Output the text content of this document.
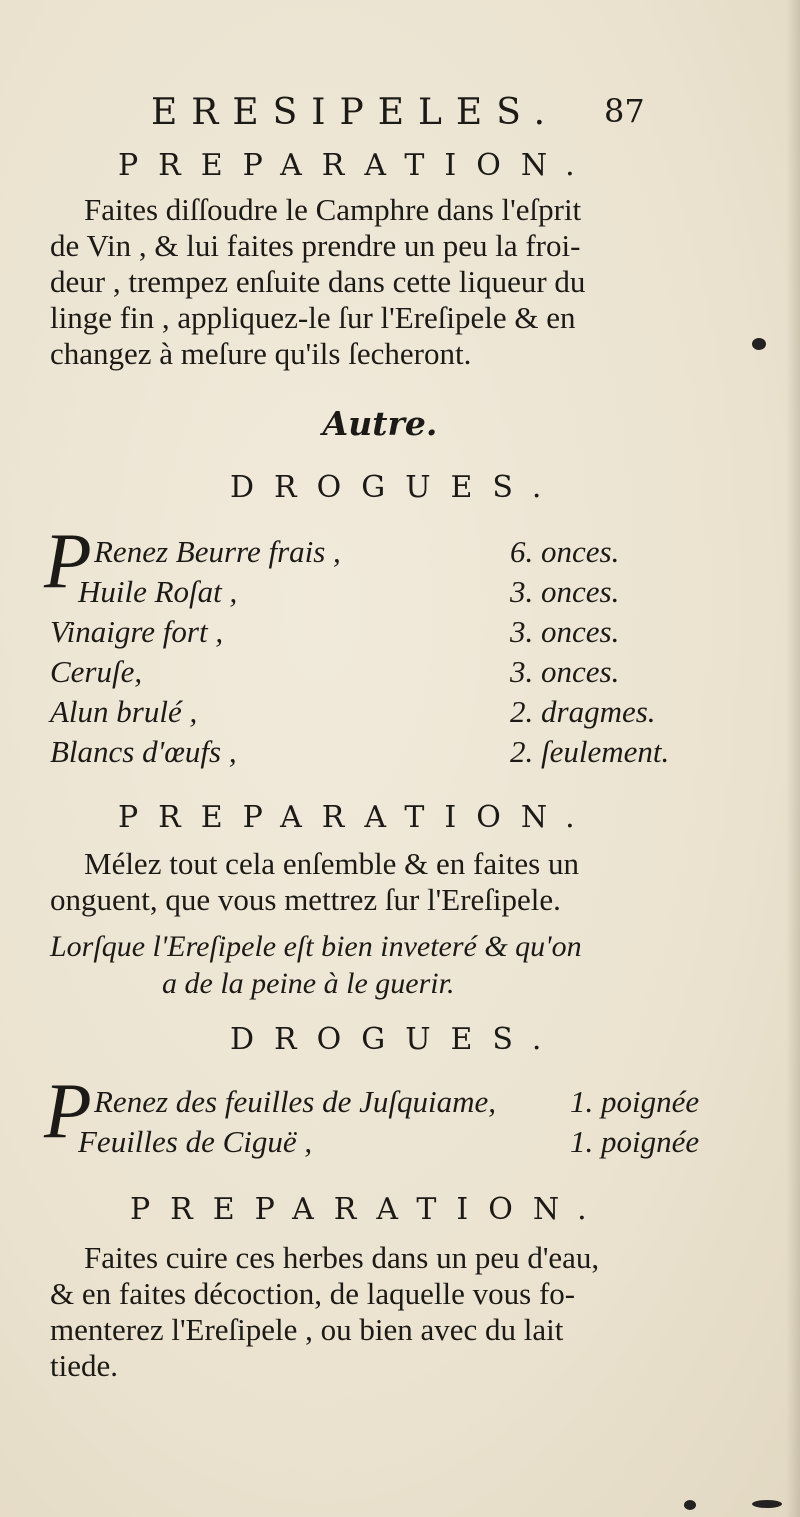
ERESIPELES. 87
PREPARATION.
Faites diſſoudre le Camphre dans l'eſprit
de Vin , & lui faites prendre un peu la froi-
deur , trempez enſuite dans cette liqueur du
linge fin , appliquez-le ſur l'Ereſipele & en
changez à meſure qu'ils ſecheront.
Autre.
DROGUES.
P Renez Beurre frais ,	6. onces.
Huile Roſat ,	3. onces.
Vinaigre fort ,	3. onces.
Ceruſe,	3. onces.
Alun brulé ,	2. dragmes.
Blancs d'œufs ,	2. ſeulement.
PREPARATION.
Mélez tout cela enſemble & en faites un
onguent, que vous mettrez ſur l'Ereſipele.
Lorſque l'Ereſipele eſt bien inveteré & qu'on
a de la peine à le guerir.
DROGUES.
P Renez des feuilles de Juſquiame, 1. poignée
Feuilles de Ciguë ,	1. poignée
PREPARATION.
Faites cuire ces herbes dans un peu d'eau,
& en faites décoction, de laquelle vous fo-
menterez l'Ereſipele , ou bien avec du lait
tiede.
